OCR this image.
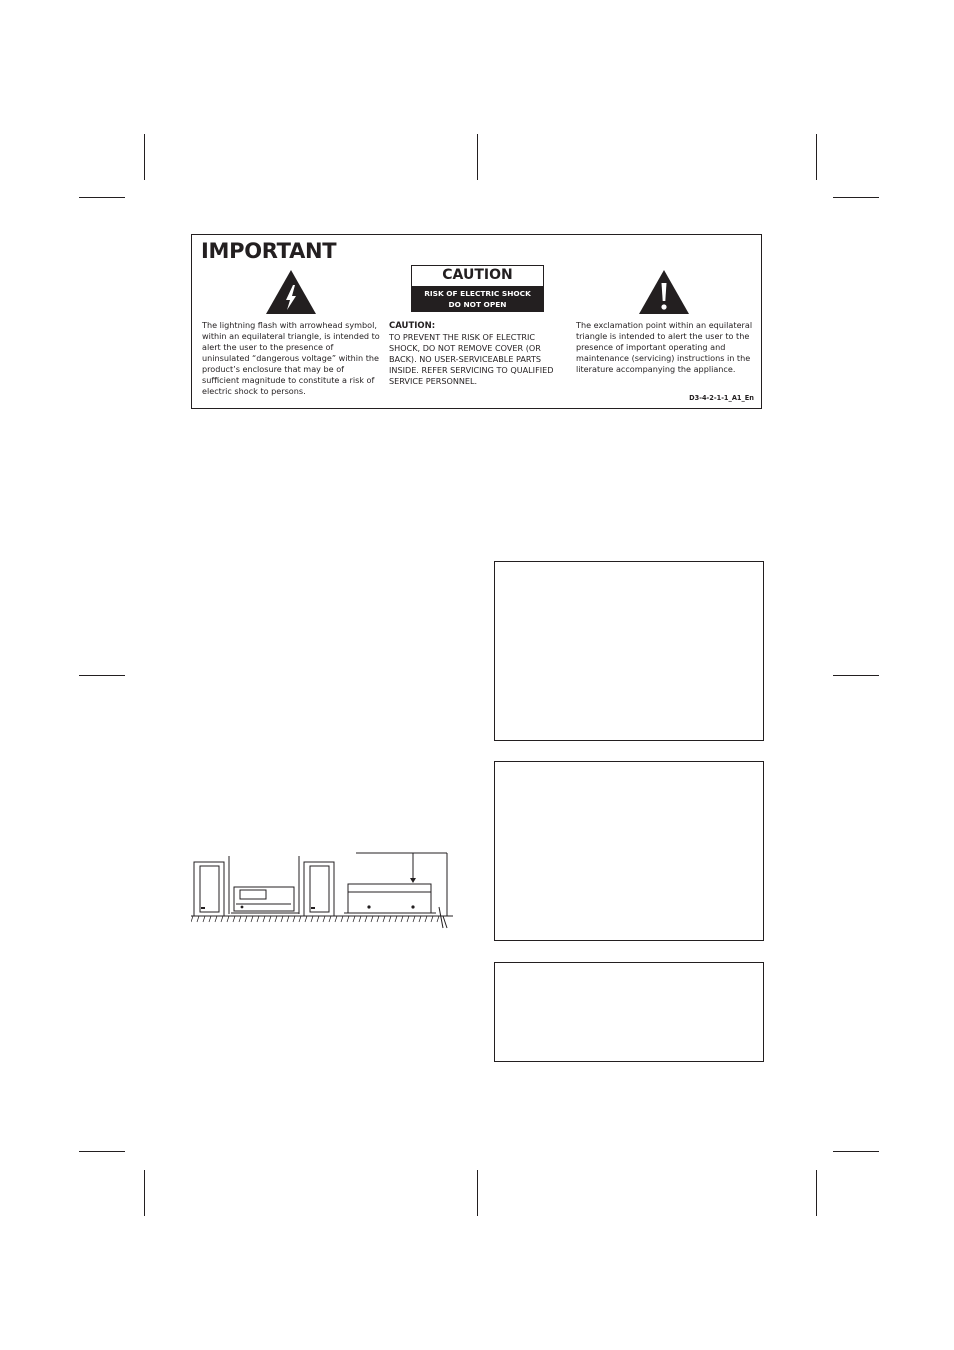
IMPORTANT

The lightning flash with arrowhead symbol, within an equilateral triangle, is intended to alert the user to the presence of uninsulated “dangerous voltage” within the product’s enclosure that may be of sufficient magnitude to constitute a risk of electric shock to persons.

CAUTION
RISK OF ELECTRIC SHOCK
DO NOT OPEN

CAUTION:

TO PREVENT THE RISK OF ELECTRIC SHOCK, DO NOT REMOVE COVER (OR BACK). NO USER-SERVICEABLE PARTS INSIDE. REFER SERVICING TO QUALIFIED SERVICE PERSONNEL.

The exclamation point within an equilateral triangle is intended to alert the user to the presence of important operating and maintenance (servicing) instructions in the literature accompanying the appliance.

D3-4-2-1-1_A1_En
